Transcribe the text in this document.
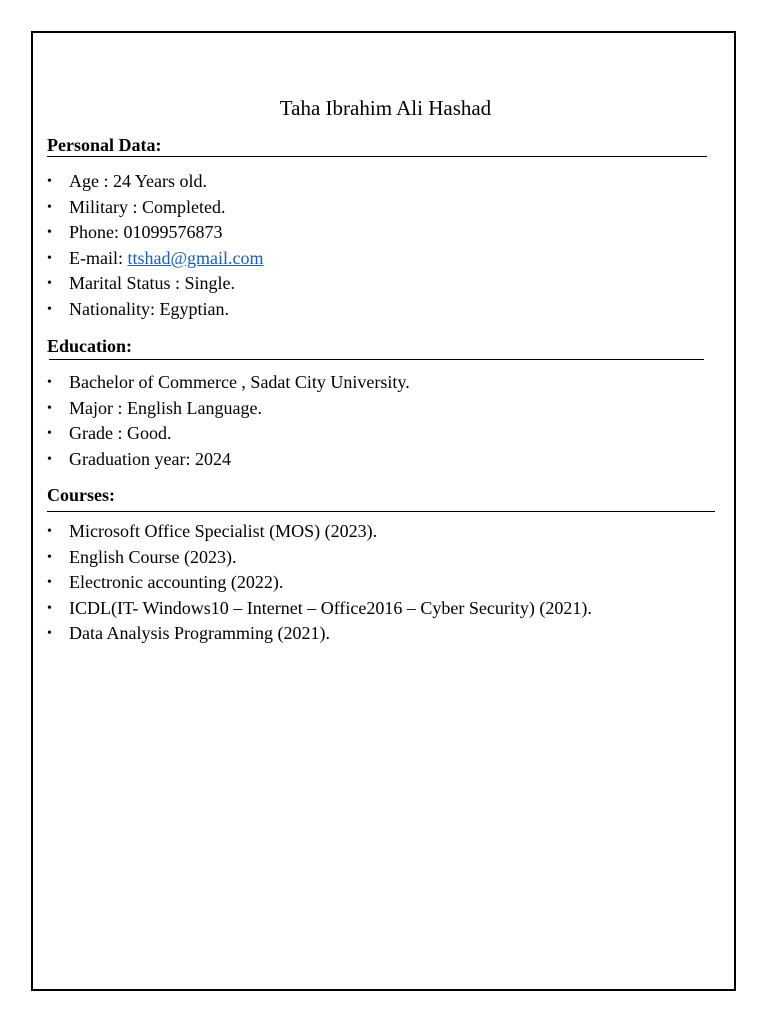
Taha Ibrahim Ali Hashad
Personal Data:
• Age : 24 Years old.
• Military : Completed.
• Phone: 01099576873
• E-mail: ttshad@gmail.com
• Marital Status : Single.
• Nationality: Egyptian.
Education:
• Bachelor of Commerce , Sadat City University.
• Major : English Language.
• Grade : Good.
• Graduation year: 2024
Courses:
• Microsoft Office Specialist (MOS) (2023).
• English Course (2023).
• Electronic accounting (2022).
• ICDL(IT- Windows10 – Internet – Office2016 – Cyber Security) (2021).
• Data Analysis Programming (2021).
